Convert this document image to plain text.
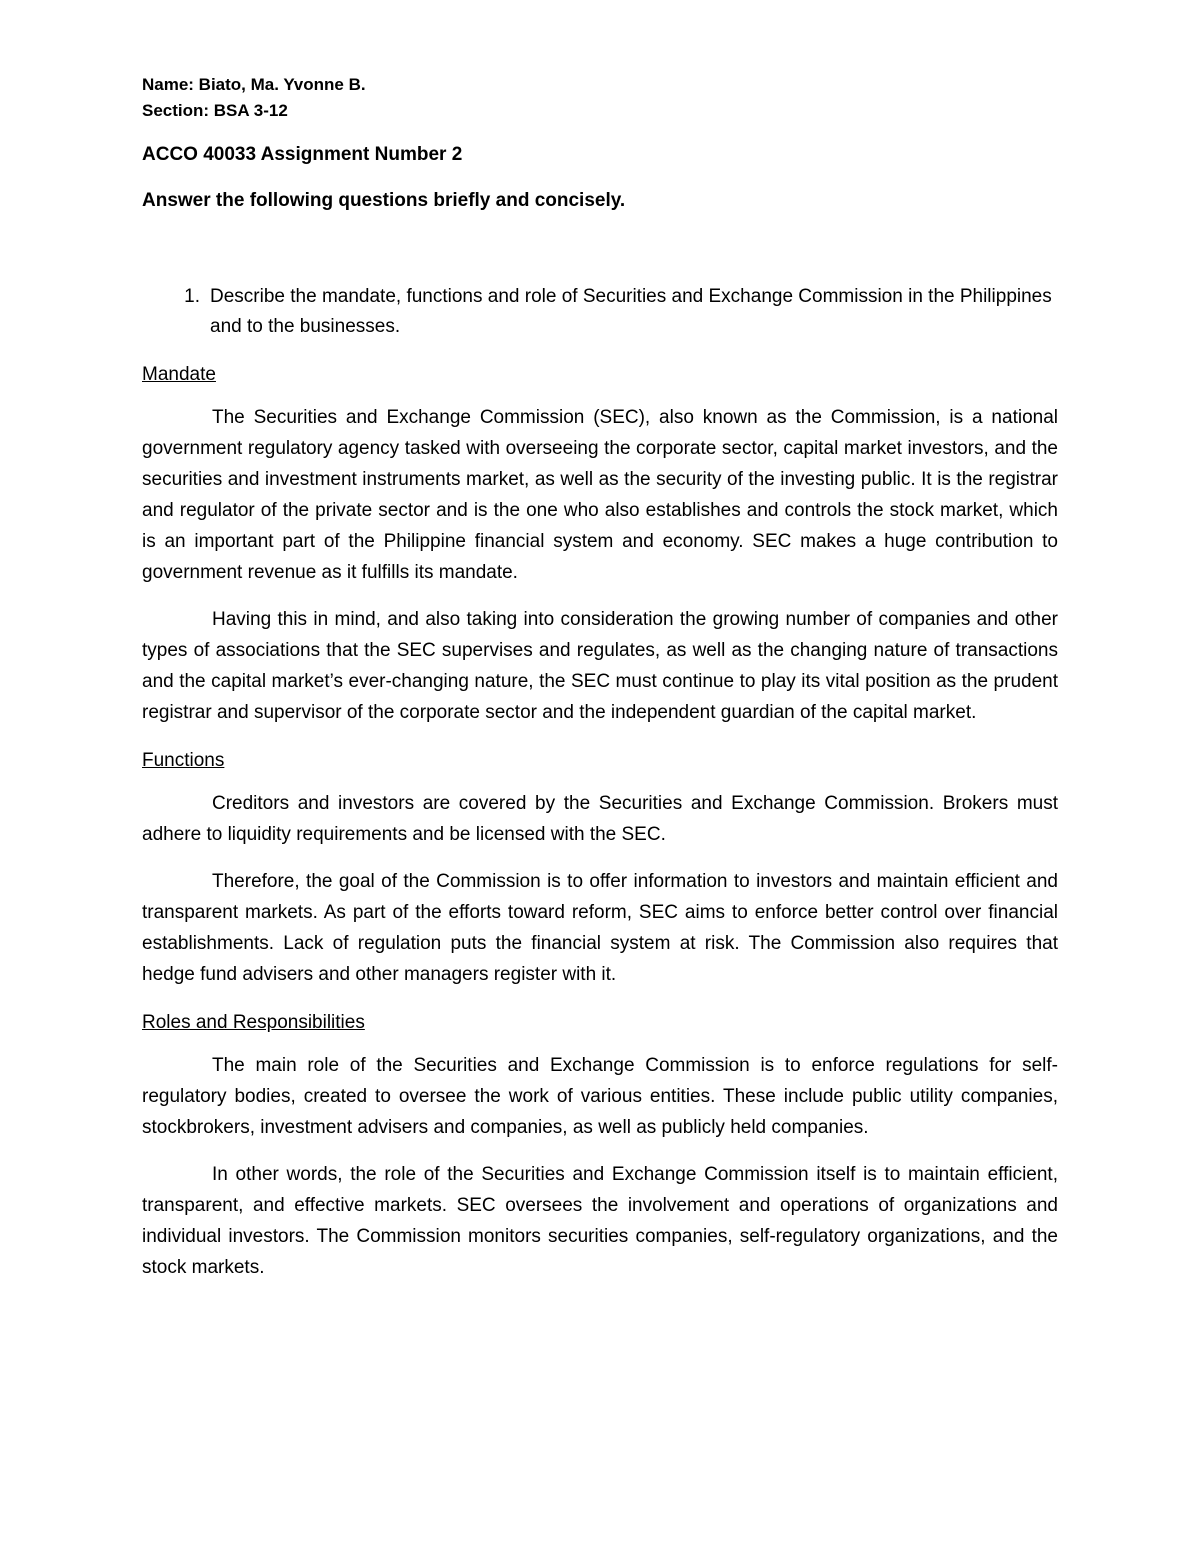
Name: Biato, Ma. Yvonne B.

Section: BSA 3-12

ACCO 40033 Assignment Number 2

Answer the following questions briefly and concisely.

1. Describe the mandate, functions and role of Securities and Exchange Commission in the Philippines and to the businesses.

Mandate

The Securities and Exchange Commission (SEC), also known as the Commission, is a national government regulatory agency tasked with overseeing the corporate sector, capital market investors, and the securities and investment instruments market, as well as the security of the investing public. It is the registrar and regulator of the private sector and is the one who also establishes and controls the stock market, which is an important part of the Philippine financial system and economy. SEC makes a huge contribution to government revenue as it fulfills its mandate.

Having this in mind, and also taking into consideration the growing number of companies and other types of associations that the SEC supervises and regulates, as well as the changing nature of transactions and the capital market’s ever-changing nature, the SEC must continue to play its vital position as the prudent registrar and supervisor of the corporate sector and the independent guardian of the capital market.

Functions

Creditors and investors are covered by the Securities and Exchange Commission. Brokers must adhere to liquidity requirements and be licensed with the SEC.

Therefore, the goal of the Commission is to offer information to investors and maintain efficient and transparent markets. As part of the efforts toward reform, SEC aims to enforce better control over financial establishments. Lack of regulation puts the financial system at risk. The Commission also requires that hedge fund advisers and other managers register with it.

Roles and Responsibilities

The main role of the Securities and Exchange Commission is to enforce regulations for self-regulatory bodies, created to oversee the work of various entities. These include public utility companies, stockbrokers, investment advisers and companies, as well as publicly held companies.

In other words, the role of the Securities and Exchange Commission itself is to maintain efficient, transparent, and effective markets. SEC oversees the involvement and operations of organizations and individual investors. The Commission monitors securities companies, self-regulatory organizations, and the stock markets.
